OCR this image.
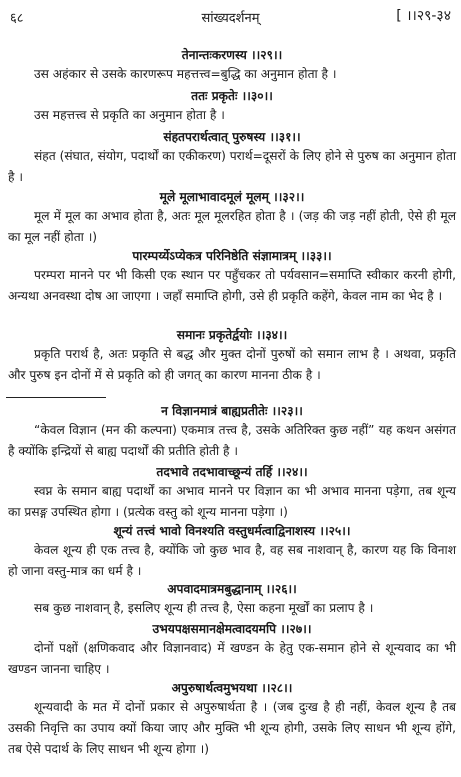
६८	सांख्यदर्शनम्	[ ।।२९-३४
तेनान्तःकरणस्य ।।२९।।
उस अहंकार से उसके कारणरूप महत्तत्त्व=बुद्धि का अनुमान होता है ।
ततः प्रकृतेः ।।३०।।
उस महत्तत्त्व से प्रकृति का अनुमान होता है ।
संहतपरार्थत्वात् पुरुषस्य ।।३१।।
संहत (संघात, संयोग, पदार्थों का एकीकरण) परार्थ=दूसरों के लिए होने से पुरुष का अनुमान होता है ।
मूले मूलाभावादमूलं मूलम् ।।३२।।
मूल में मूल का अभाव होता है, अतः मूल मूलरहित होता है । (जड़ की जड़ नहीं होती, ऐसे ही मूल का मूल नहीं होता ।)
पारम्पर्य्येऽप्येकत्र परिनिष्ठेति संज्ञामात्रम् ।।३३।।
परम्परा मानने पर भी किसी एक स्थान पर पहुँचकर तो पर्यवसान=समाप्ति स्वीकार करनी होगी, अन्यथा अनवस्था दोष आ जाएगा । जहाँ समाप्ति होगी, उसे ही प्रकृति कहेंगे, केवल नाम का भेद है ।
समानः प्रकृतेर्द्वयोः ।।३४।।
प्रकृति परार्थ है, अतः प्रकृति से बद्ध और मुक्त दोनों पुरुषों को समान लाभ है । अथवा, प्रकृति और पुरुष इन दोनों में से प्रकृति को ही जगत् का कारण मानना ठीक है ।
न विज्ञानमात्रं बाह्यप्रतीतेः ।।२३।।
“केवल विज्ञान (मन की कल्पना) एकमात्र तत्त्व है, उसके अतिरिक्त कुछ नहीं” यह कथन असंगत है क्योंकि इन्द्रियों से बाह्य पदार्थों की प्रतीति होती है ।
तदभावे तदभावाच्छून्यं तर्हि ।।२४।।
स्वप्न के समान बाह्य पदार्थों का अभाव मानने पर विज्ञान का भी अभाव मानना पड़ेगा, तब शून्य का प्रसङ्ग उपस्थित होगा । (प्रत्येक वस्तु को शून्य मानना पड़ेगा ।)
शून्यं तत्त्वं भावो विनश्यति वस्तुधर्मत्वाद्विनाशस्य ।।२५।।
केवल शून्य ही एक तत्त्व है, क्योंकि जो कुछ भाव है, वह सब नाशवान् है, कारण यह कि विनाश हो जाना वस्तु-मात्र का धर्म है ।
अपवादमात्रमबुद्धानाम् ।।२६।।
सब कुछ नाशवान् है, इसलिए शून्य ही तत्त्व है, ऐसा कहना मूर्खों का प्रलाप है ।
उभयपक्षसमानक्षेमत्वादयमपि ।।२७।।
दोनों पक्षों (क्षणिकवाद और विज्ञानवाद) में खण्डन के हेतु एक-समान होने से शून्यवाद का भी खण्डन जानना चाहिए ।
अपुरुषार्थत्वमुभयथा ।।२८।।
शून्यवादी के मत में दोनों प्रकार से अपुरुषार्थता है । (जब दुःख है ही नहीं, केवल शून्य है तब उसकी निवृत्ति का उपाय क्यों किया जाए और मुक्ति भी शून्य होगी, उसके लिए साधन भी शून्य होंगे, तब ऐसे पदार्थ के लिए साधन भी शून्य होगा ।)
